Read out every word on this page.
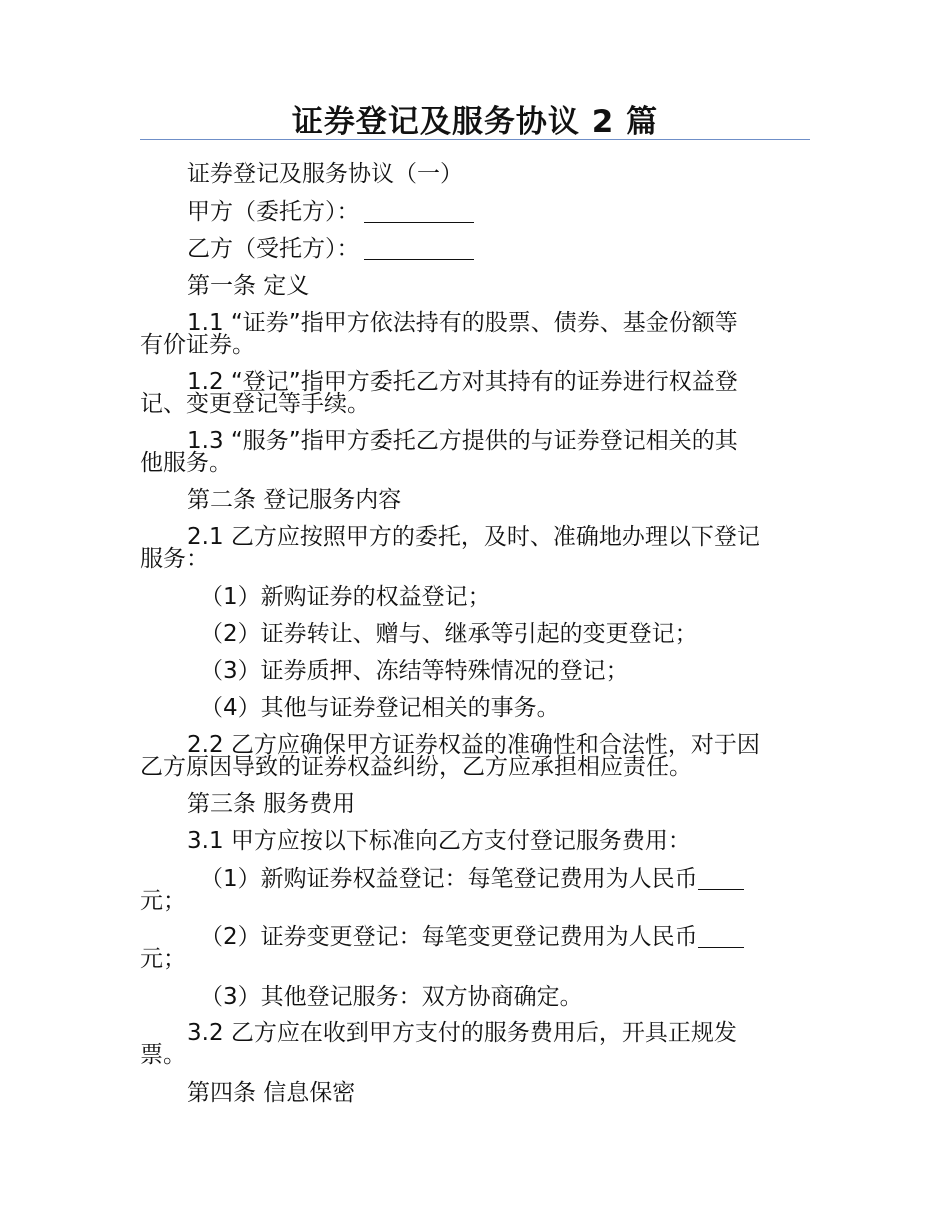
证券登记及服务协议 2 篇

证券登记及服务协议（一）

甲方（委托方）：

乙方（受托方）：

第一条 定义

1.1 “证券”指甲方依法持有的股票、债券、基金份额等
有价证券。

1.2 “登记”指甲方委托乙方对其持有的证券进行权益登
记、变更登记等手续。

1.3 “服务”指甲方委托乙方提供的与证券登记相关的其
他服务。

第二条 登记服务内容

2.1 乙方应按照甲方的委托，及时、准确地办理以下登记
服务：

（1）新购证券的权益登记；

（2）证券转让、赠与、继承等引起的变更登记；

（3）证券质押、冻结等特殊情况的登记；

（4）其他与证券登记相关的事务。

2.2 乙方应确保甲方证券权益的准确性和合法性，对于因
乙方原因导致的证券权益纠纷，乙方应承担相应责任。

第三条 服务费用

3.1 甲方应按以下标准向乙方支付登记服务费用：

（1）新购证券权益登记：每笔登记费用为人民币
元；
（2）证券变更登记：每笔变更登记费用为人民币
元；

（3）其他登记服务：双方协商确定。

3.2 乙方应在收到甲方支付的服务费用后，开具正规发
票。

第四条 信息保密
